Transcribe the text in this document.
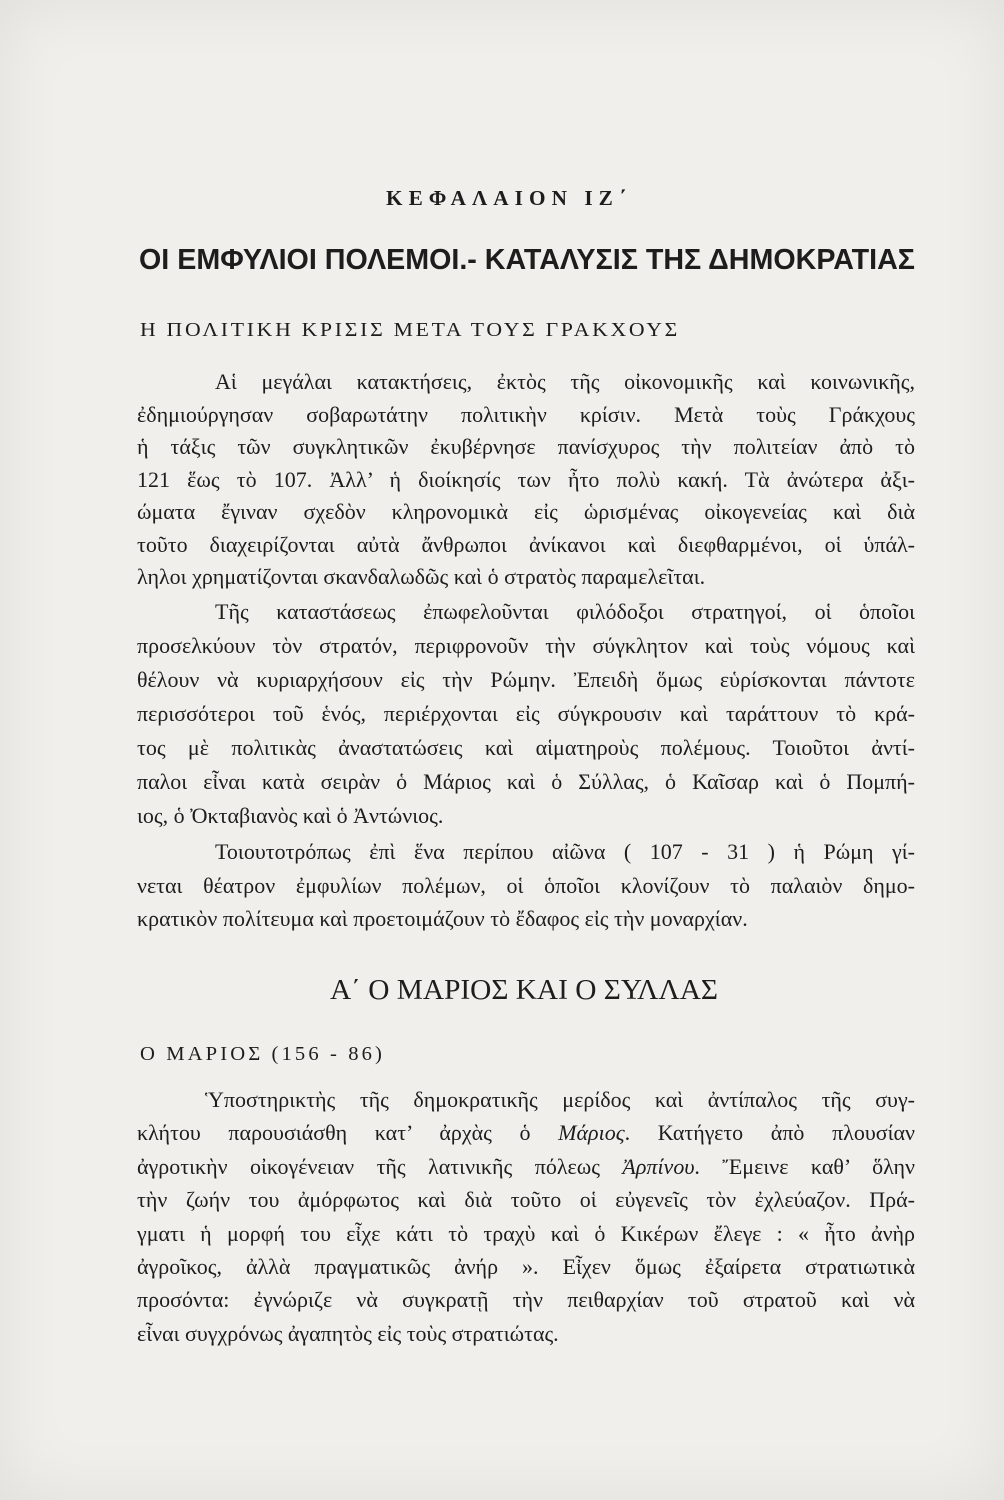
ΚΕΦΑΛΑΙΟΝ ΙΖ΄
ΟΙ ΕΜΦΥΛΙΟΙ ΠΟΛΕΜΟΙ.- ΚΑΤΑΛΥΣΙΣ ΤΗΣ ΔΗΜΟΚΡΑΤΙΑΣ
Η ΠΟΛΙΤΙΚΗ ΚΡΙΣΙΣ ΜΕΤΑ ΤΟΥΣ ΓΡΑΚΧΟΥΣ
Αἱ μεγάλαι κατακτήσεις, ἐκτὸς τῆς οἰκονομικῆς καὶ κοινωνικῆς,
ἐδημιούργησαν σοβαρωτάτην πολιτικὴν κρίσιν. Μετὰ τοὺς Γράκχους
ἡ τάξις τῶν συγκλητικῶν ἐκυβέρνησε πανίσχυρος τὴν πολιτείαν ἀπὸ τὸ
121 ἕως τὸ 107. Ἀλλ’ ἡ διοίκησίς των ἦτο πολὺ κακή. Τὰ ἀνώτερα ἀξι-
ώματα ἔγιναν σχεδὸν κληρονομικὰ εἰς ὡρισμένας οἰκογενείας καὶ διὰ
τοῦτο διαχειρίζονται αὐτὰ ἄνθρωποι ἀνίκανοι καὶ διεφθαρμένοι, οἱ ὑπάλ-
ληλοι χρηματίζονται σκανδαλωδῶς καὶ ὁ στρατὸς παραμελεῖται.
Τῆς καταστάσεως ἐπωφελοῦνται φιλόδοξοι στρατηγοί, οἱ ὁποῖοι
προσελκύουν τὸν στρατόν, περιφρονοῦν τὴν σύγκλητον καὶ τοὺς νόμους καὶ
θέλουν νὰ κυριαρχήσουν εἰς τὴν Ρώμην. Ἐπειδὴ ὅμως εὑρίσκονται πάντοτε
περισσότεροι τοῦ ἑνός, περιέρχονται εἰς σύγκρουσιν καὶ ταράττουν τὸ κρά-
τος μὲ πολιτικὰς ἀναστατώσεις καὶ αἱματηροὺς πολέμους. Τοιοῦτοι ἀντί-
παλοι εἶναι κατὰ σειρὰν ὁ Μάριος καὶ ὁ Σύλλας, ὁ Καῖσαρ καὶ ὁ Πομπή-
ιος, ὁ Ὀκταβιανὸς καὶ ὁ Ἀντώνιος.
Τοιουτοτρόπως ἐπὶ ἕνα περίπου αἰῶνα ( 107 - 31 ) ἡ Ρώμη γί-
νεται θέατρον ἐμφυλίων πολέμων, οἱ ὁποῖοι κλονίζουν τὸ παλαιὸν δημο-
κρατικὸν πολίτευμα καὶ προετοιμάζουν τὸ ἔδαφος εἰς τὴν μοναρχίαν.
Α΄ Ο ΜΑΡΙΟΣ ΚΑΙ Ο ΣΥΛΛΑΣ
Ο ΜΑΡΙΟΣ (156 - 86)
Ὑποστηρικτὴς τῆς δημοκρατικῆς μερίδος καὶ ἀντίπαλος τῆς συγ-
κλήτου παρουσιάσθη κατ’ ἀρχὰς ὁ Μάριος. Κατήγετο ἀπὸ πλουσίαν
ἀγροτικὴν οἰκογένειαν τῆς λατινικῆς πόλεως Ἀρπίνου. Ἔμεινε καθ’ ὅλην
τὴν ζωήν του ἀμόρφωτος καὶ διὰ τοῦτο οἱ εὐγενεῖς τὸν ἐχλεύαζον. Πρά-
γματι ἡ μορφή του εἶχε κάτι τὸ τραχὺ καὶ ὁ Κικέρων ἔλεγε : « ἦτο ἀνὴρ
ἀγροῖκος, ἀλλὰ πραγματικῶς ἀνήρ ». Εἶχεν ὅμως ἐξαίρετα στρατιωτικὰ
προσόντα: ἐγνώριζε νὰ συγκρατῇ τὴν πειθαρχίαν τοῦ στρατοῦ καὶ νὰ
εἶναι συγχρόνως ἀγαπητὸς εἰς τοὺς στρατιώτας.
